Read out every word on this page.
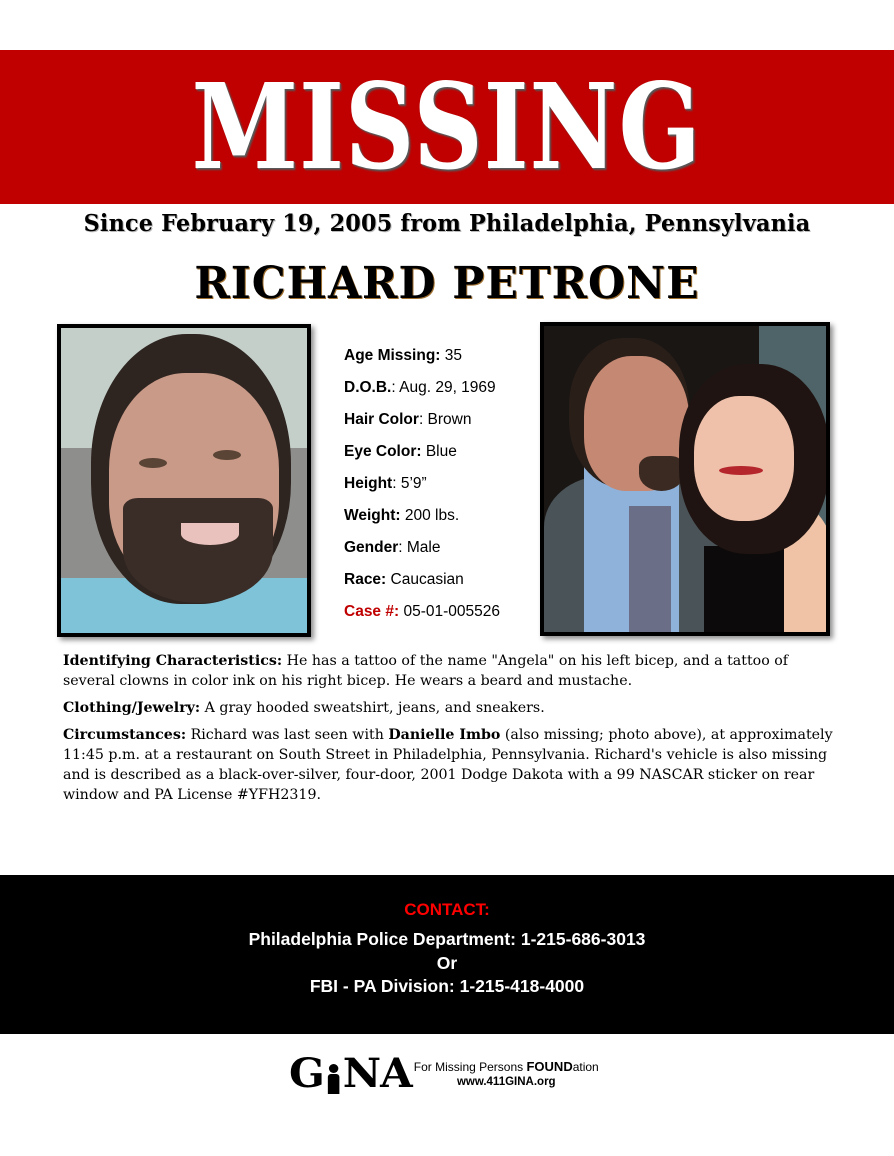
MISSING
Since February 19, 2005 from Philadelphia, Pennsylvania
RICHARD PETRONE
Age Missing: 35
D.O.B.: Aug. 29, 1969
Hair Color: Brown
Eye Color: Blue
Height: 5’9”
Weight: 200 lbs.
Gender: Male
Race: Caucasian
Case #: 05-01-005526

Identifying Characteristics: He has a tattoo of the name "Angela" on his left bicep, and a tattoo of several clowns in color ink on his right bicep. He wears a beard and mustache.

Clothing/Jewelry: A gray hooded sweatshirt, jeans, and sneakers.

Circumstances: Richard was last seen with Danielle Imbo (also missing; photo above), at approximately 11:45 p.m. at a restaurant on South Street in Philadelphia, Pennsylvania. Richard's vehicle is also missing and is described as a black-over-silver, four-door, 2001 Dodge Dakota with a 99 NASCAR sticker on rear window and PA License #YFH2319.

CONTACT:
Philadelphia Police Department: 1-215-686-3013
Or
FBI - PA Division: 1-215-418-4000
G NA For Missing Persons FOUNDation
www.411GINA.org
